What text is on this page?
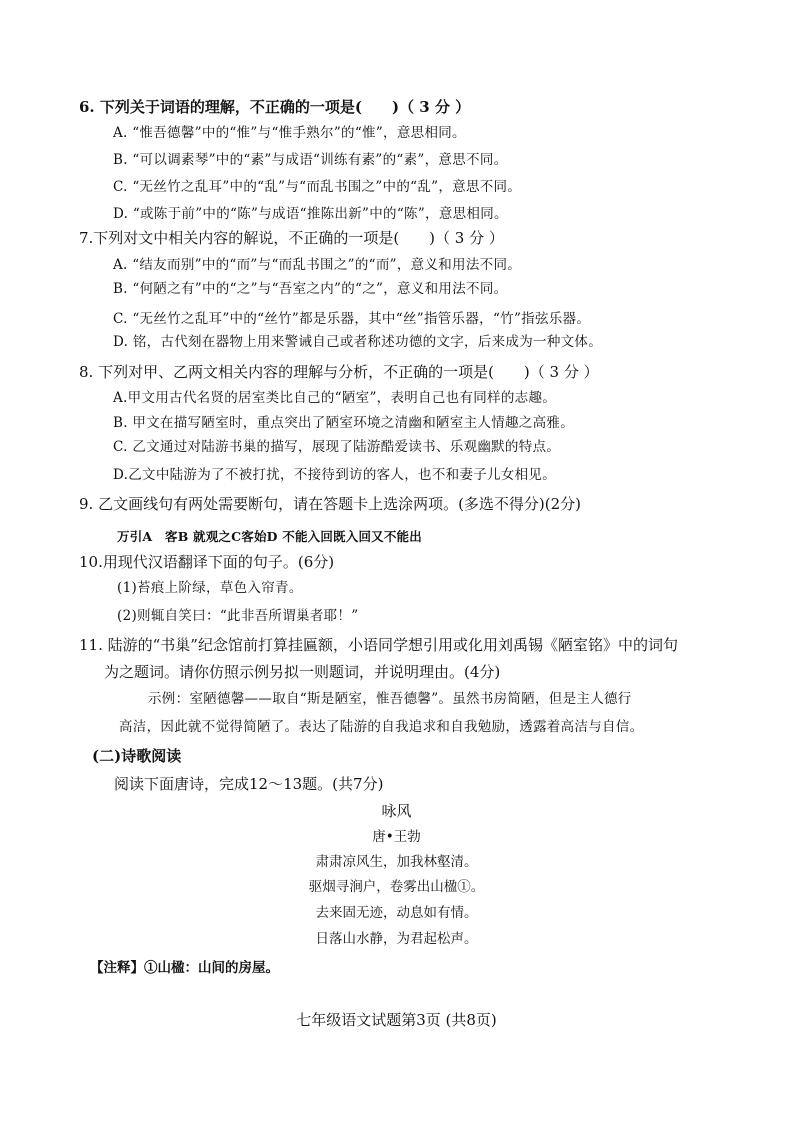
6. 下列关于词语的理解，不正确的一项是(　　)（ 3 分 ）
A. “惟吾德馨”中的“惟”与“惟手熟尔”的“惟”，意思相同。
B. “可以调素琴”中的“素”与成语“训练有素”的“素”，意思不同。
C. “无丝竹之乱耳”中的“乱”与“而乱书围之”中的“乱”，意思不同。
D. “或陈于前”中的“陈”与成语“推陈出新”中的“陈”，意思相同。
7.下列对文中相关内容的解说，不正确的一项是(　　)（ 3 分 ）
A. “结友而别”中的“而”与“而乱书围之”的“而”，意义和用法不同。
B. “何陋之有”中的“之”与“吾室之内”的“之”，意义和用法不同。
C. “无丝竹之乱耳”中的“丝竹”都是乐器，其中“丝”指管乐器，“竹”指弦乐器。
D. 铭，古代刻在器物上用来警诫自己或者称述功德的文字，后来成为一种文体。
8. 下列对甲、乙两文相关内容的理解与分析，不正确的一项是(　　)（ 3 分 ）
A.甲文用古代名贤的居室类比自己的“陋室”，表明自己也有同样的志趣。
B. 甲文在描写陋室时，重点突出了陋室环境之清幽和陋室主人情趣之高雅。
C. 乙文通过对陆游书巢的描写，展现了陆游酷爱读书、乐观幽默的特点。
D.乙文中陆游为了不被打扰，不接待到访的客人，也不和妻子儿女相见。
9. 乙文画线句有两处需要断句，请在答题卡上选涂两项。(多选不得分)(2分)
万引A　客B 就观之C客始D 不能入回既入回又不能出
10.用现代汉语翻译下面的句子。(6分)
(1)苔痕上阶绿，草色入帘青。
(2)则辄自笑曰：“此非吾所谓巢者耶！”
11. 陆游的“书巢”纪念馆前打算挂匾额，小语同学想引用或化用刘禹锡《陋室铭》中的词句
为之题词。请你仿照示例另拟一则题词，并说明理由。(4分)
示例：室陋德馨——取自“斯是陋室，惟吾德馨”。虽然书房简陋，但是主人德行
高洁，因此就不觉得简陋了。表达了陆游的自我追求和自我勉励，透露着高洁与自信。
(二)诗歌阅读
阅读下面唐诗，完成12～13题。(共7分)
咏风
唐•王勃
肃肃凉风生，加我林壑清。
驱烟寻涧户，卷雾出山楹①。
去来固无迹，动息如有情。
日落山水静，为君起松声。
【注释】①山楹：山间的房屋。
七年级语文试题第3页 (共8页)
